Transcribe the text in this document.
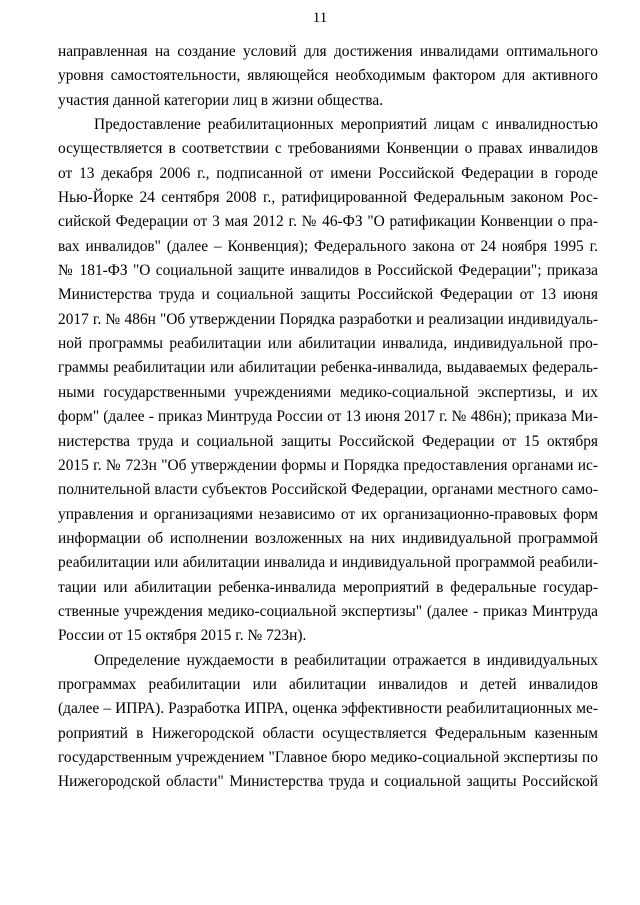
11
направленная на создание условий для достижения инвалидами оптимального
уровня самостоятельности, являющейся необходимым фактором для активного
участия данной категории лиц в жизни общества.
Предоставление реабилитационных мероприятий лицам с инвалидностью
осуществляется в соответствии с требованиями Конвенции о правах инвалидов
от 13 декабря 2006 г., подписанной от имени Российской Федерации в городе
Нью-Йорке 24 сентября 2008 г., ратифицированной Федеральным законом Рос-
сийской Федерации от 3 мая 2012 г. № 46-ФЗ "О ратификации Конвенции о пра-
вах инвалидов" (далее – Конвенция); Федерального закона от 24 ноября 1995 г.
№ 181-ФЗ "О социальной защите инвалидов в Российской Федерации"; приказа
Министерства труда и социальной защиты Российской Федерации от 13 июня
2017 г. № 486н "Об утверждении Порядка разработки и реализации индивидуаль-
ной программы реабилитации или абилитации инвалида, индивидуальной про-
граммы реабилитации или абилитации ребенка-инвалида, выдаваемых федераль-
ными государственными учреждениями медико-социальной экспертизы, и их
форм" (далее - приказ Минтруда России от 13 июня 2017 г. № 486н); приказа Ми-
нистерства труда и социальной защиты Российской Федерации от 15 октября
2015 г. № 723н "Об утверждении формы и Порядка предоставления органами ис-
полнительной власти субъектов Российской Федерации, органами местного само-
управления и организациями независимо от их организационно-правовых форм
информации об исполнении возложенных на них индивидуальной программой
реабилитации или абилитации инвалида и индивидуальной программой реабили-
тации или абилитации ребенка-инвалида мероприятий в федеральные государ-
ственные учреждения медико-социальной экспертизы" (далее - приказ Минтруда
России от 15 октября 2015 г. № 723н).
Определение нуждаемости в реабилитации отражается в индивидуальных
программах реабилитации или абилитации инвалидов и детей инвалидов
(далее – ИПРА). Разработка ИПРА, оценка эффективности реабилитационных ме-
роприятий в Нижегородской области осуществляется Федеральным казенным
государственным учреждением "Главное бюро медико-социальной экспертизы по
Нижегородской области" Министерства труда и социальной защиты Российской
